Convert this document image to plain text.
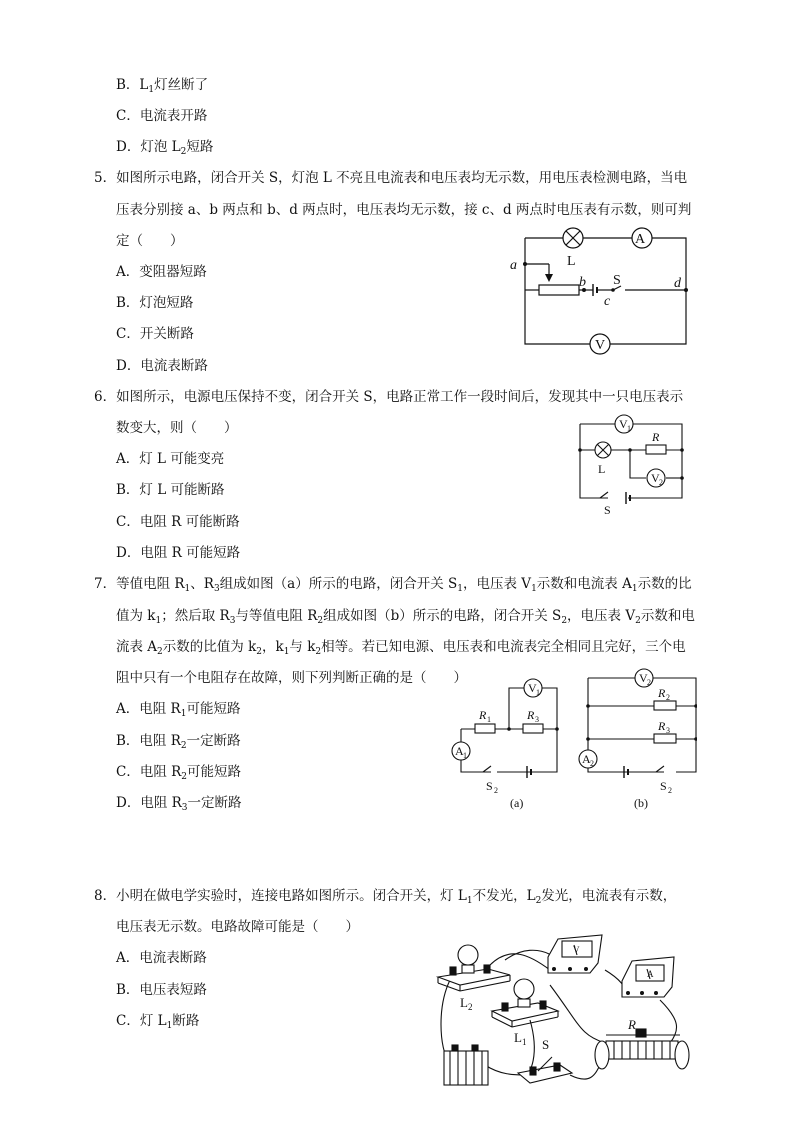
B．$L_1$灯丝断了
C．电流表开路
D．灯泡 $L_2$短路
5．如图所示电路，闭合开关 S，灯泡 L 不亮且电流表和电压表均无示数，用电压表检测电路，当电
压表分别接 a、b 两点和 b、d 两点时，电压表均无示数，接 c、d 两点时电压表有示数，则可判
定（　　）
A．变阻器短路
B．灯泡短路
C．开关断路
D．电流表断路
A
V
L
a
b
c
d
S
6．如图所示，电源电压保持不变，闭合开关 S，电路正常工作一段时间后，发现其中一只电压表示
数变大，则（　　）
A．灯 L 可能变亮
B．灯 L 可能断路
C．电阻 R 可能断路
D．电阻 R 可能短路
V 1
V 2
R
L
S
7．等值电阻 $R_1$、$R_3$组成如图（a）所示的电路，闭合开关 $S_1$，电压表 $V_1$示数和电流表 $A_1$示数的比
值为 $k_1$；然后取 $R_3$与等值电阻 $R_2$组成如图（b）所示的电路，闭合开关 $S_2$，电压表 $V_2$示数和电
流表 $A_2$示数的比值为 $k_2$，$k_1$与 $k_2$相等。若已知电源、电压表和电流表完全相同且完好，三个电
阻中只有一个电阻存在故障，则下列判断正确的是（　　）
A．电阻 $R_1$可能短路
B．电阻 $R_2$一定断路
C．电阻 $R_2$可能短路
D．电阻 $R_3$一定断路
V 1
R 1	R 3
A 1
S 2
(a)
V 2
R 2
R 3
A 2
S 2
(b)
8．小明在做电学实验时，连接电路如图所示。闭合开关，灯 $L_1$不发光，$L_2$发光，电流表有示数，
电压表无示数。电路故障可能是（　　）
A．电流表断路
B．电压表短路
C．灯 $L_1$断路
L 2
L 1 S
R
V
A
